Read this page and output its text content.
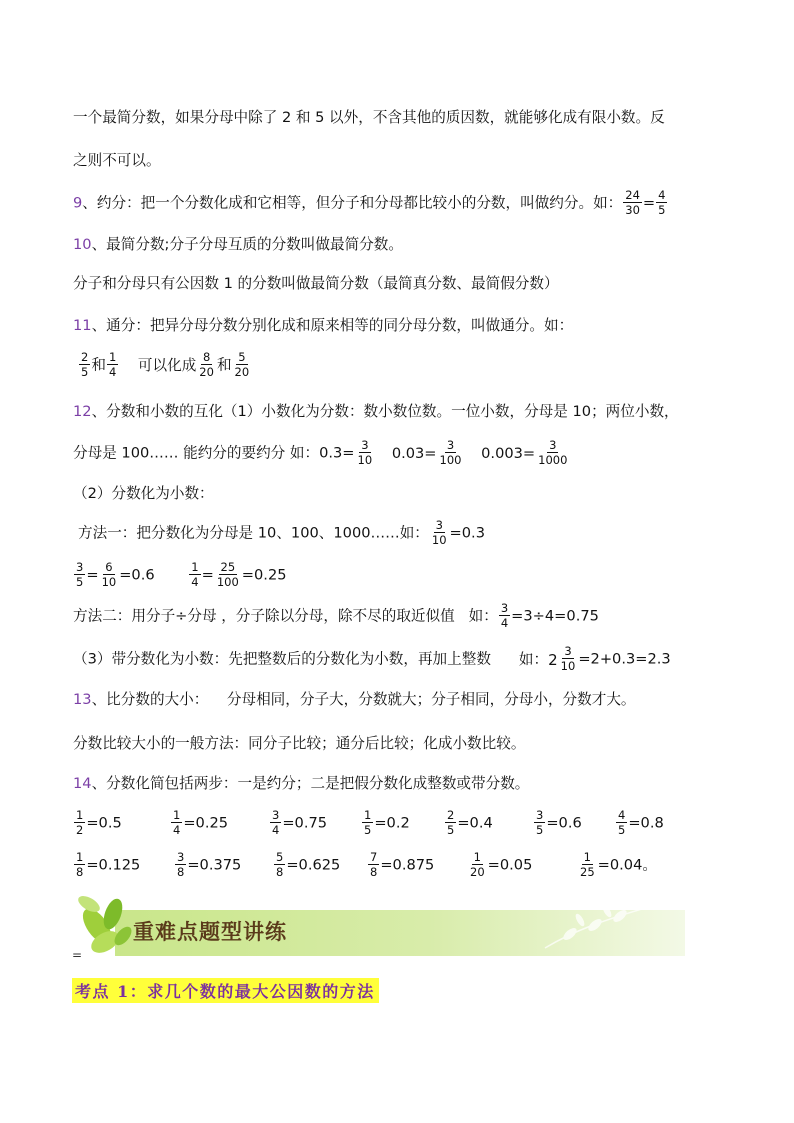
一个最简分数，如果分母中除了 2 和 5 以外，不含其他的质因数，就能够化成有限小数。反
之则不可以。
9、约分：把一个分数化成和它相等，但分子和分母都比较小的分数，叫做约分。如： $\frac{24}{30} = \frac{4}{5}$
10、最简分数;分子分母互质的分数叫做最简分数。
分子和分母只有公因数 1 的分数叫做最简分数（最简真分数、最简假分数）
11、通分：把异分母分数分别化成和原来相等的同分母分数，叫做通分。如：
$\frac{2}{5}$ 和 $\frac{1}{4}$ 可以化成 $\frac{8}{20}$ 和 $\frac{5}{20}$
12、分数和小数的互化（1）小数化为分数：数小数位数。一位小数，分母是 10；两位小数，
分母是 100…… 能约分的要约分 如：$0.3= \frac{3}{10} 0.03= \frac{3}{100} 0.003= \frac{3}{1000}$
（2）分数化为小数：
方法一：把分数化为分母是 10、100、1000……如： $\frac{3}{10} =0.3$
$\frac{3}{5} = \frac{6}{10} =0.6$	$\frac{1}{4} = \frac{25}{100} =0.25$
方法二：用分子÷分母 ，分子除以分母，除不尽的取近似值   如： $\frac{3}{4} =3\div 4=0.75$
（3）带分数化为小数：先把整数后的分数化为小数，再加上整数 如：$2 \frac{3}{10} =2+0.3=2.3$
13、比分数的大小：    分母相同，分子大，分数就大；分子相同，分母小，分数才大。
分数比较大小的一般方法：同分子比较；通分后比较；化成小数比较。
14、分数化简包括两步：一是约分；二是把假分数化成整数或带分数。
$\frac{1}{2} =0.5$	$\frac{1}{4} =0.25$	$\frac{3}{4} =0.75$	$\frac{1}{5} =0.2$	$\frac{2}{5} =0.4$	$\frac{3}{5} =0.6$	$\frac{4}{5} =0.8$
$\frac{1}{8} =0.125$	$\frac{3}{8} =0.375$	$\frac{5}{8} =0.625 \frac{7}{8} =0.875$	$\frac{1}{20} =0.05$	$\frac{1}{25} =0.04$。
重难点题型讲练
=
考点 1：求几个数的最大公因数的方法
